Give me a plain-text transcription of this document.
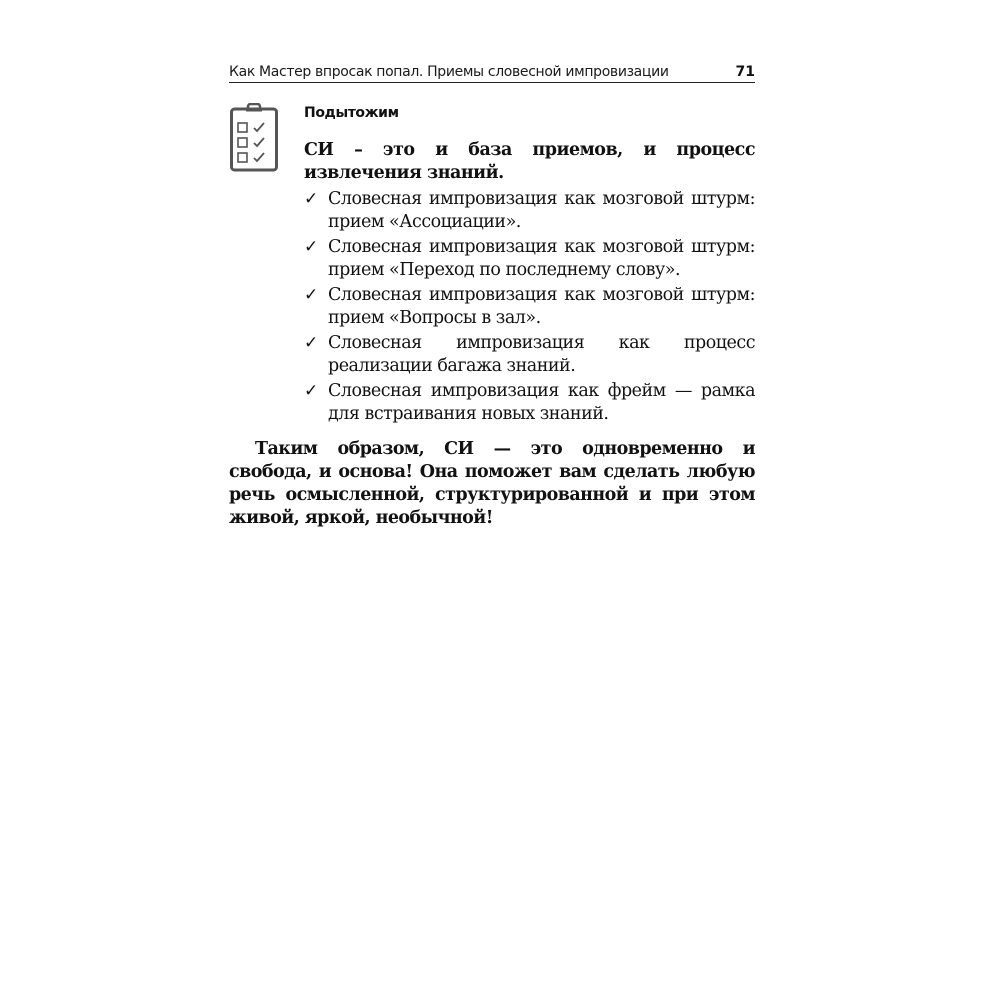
Как Мастер впросак попал. Приемы словесной импровизации	71
Подытожим
СИ – это и база приемов, и процесс извлечения знаний.
✓ Словесная импровизация как мозговой штурм: прием «Ассоциации».
✓ Словесная импровизация как мозговой штурм: прием «Переход по последнему слову».
✓ Словесная импровизация как мозговой штурм: прием «Вопросы в зал».
✓ Словесная импровизация как процесс реализации багажа знаний.
✓ Словесная импровизация как фрейм — рамка для встраивания новых знаний.

Таким образом, СИ — это одновременно и свобода, и основа! Она поможет вам сделать любую речь осмысленной, структурированной и при этом живой, яркой, необычной!
